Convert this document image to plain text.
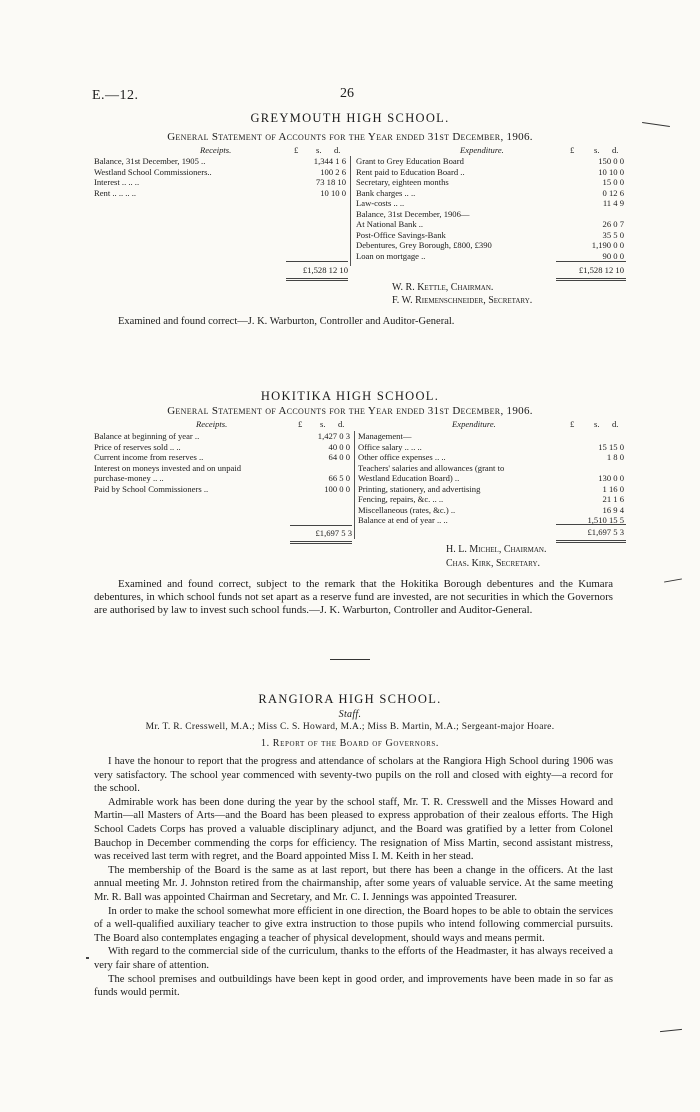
E.—12.	26
GREYMOUTH HIGH SCHOOL.
General Statement of Accounts for the Year ended 31st December, 1906.
Receipts.	£ s. d.	Expenditure.	£ s. d.
Balance, 31st December, 1905 ..	1,344 1 6
Westland School Commissioners..	100 2 6
Interest .. .. ..	73 18 10
Rent .. .. .. ..	10 10 0
Grant to Grey Education Board	150 0 0
Rent paid to Education Board ..	10 10 0
Secretary, eighteen months	15 0 0
Bank charges .. ..	0 12 6
Law-costs .. ..	11 4 9
Balance, 31st December, 1906—
At National Bank ..	26 0 7
Post-Office Savings-Bank	35 5 0
Debentures, Grey Borough, £800, £390	1,190 0 0
Loan on mortgage ..	90 0 0
£1,528 12 10	£1,528 12 10
W. R. Kettle, Chairman.
F. W. Riemenschneider, Secretary.
Examined and found correct—J. K. Warburton, Controller and Auditor-General.
HOKITIKA HIGH SCHOOL.
General Statement of Accounts for the Year ended 31st December, 1906.
Receipts.	£ s. d.	Expenditure.	£ s. d.
Balance at beginning of year ..	1,427 0 3
Price of reserves sold .. ..	40 0 0
Current income from reserves ..	64 0 0
Interest on moneys invested and on unpaid
purchase-money .. ..	66 5 0
Paid by School Commissioners ..	100 0 0
Management—
Office salary .. .. ..	15 15 0
Other office expenses .. ..	1 8 0
Teachers' salaries and allowances (grant to
Westland Education Board) ..	130 0 0
Printing, stationery, and advertising	1 16 0
Fencing, repairs, &c. .. ..	21 1 6
Miscellaneous (rates, &c.) ..	16 9 4
Balance at end of year .. ..	1,510 15 5
£1,697 5 3	£1,697 5 3
H. L. Michel, Chairman.
Chas. Kirk, Secretary.

Examined and found correct, subject to the remark that the Hokitika Borough debentures and the Kumara debentures, in which school funds not set apart as a reserve fund are invested, are not securities in which the Governors are authorised by law to invest such school funds.—J. K. Warburton, Controller and Auditor-General.

RANGIORA HIGH SCHOOL.
Staff.
Mr. T. R. Cresswell, M.A.; Miss C. S. Howard, M.A.; Miss B. Martin, M.A.; Sergeant-major Hoare.
1. Report of the Board of Governors.

I have the honour to report that the progress and attendance of scholars at the Rangiora High School during 1906 was very satisfactory. The school year commenced with seventy-two pupils on the roll and closed with eighty—a record for the school.

Admirable work has been done during the year by the school staff, Mr. T. R. Cresswell and the Misses Howard and Martin—all Masters of Arts—and the Board has been pleased to express approbation of their zealous efforts. The High School Cadets Corps has proved a valuable disciplinary adjunct, and the Board was gratified by a letter from Colonel Bauchop in December commending the corps for efficiency. The resignation of Miss Martin, second assistant mistress, was received last term with regret, and the Board appointed Miss I. M. Keith in her stead.

The membership of the Board is the same as at last report, but there has been a change in the officers. At the last annual meeting Mr. J. Johnston retired from the chairmanship, after some years of valuable service. At the same meeting Mr. R. Ball was appointed Chairman and Secretary, and Mr. C. I. Jennings was appointed Treasurer.

In order to make the school somewhat more efficient in one direction, the Board hopes to be able to obtain the services of a well-qualified auxiliary teacher to give extra instruction to those pupils who intend following commercial pursuits. The Board also contemplates engaging a teacher of physical development, should ways and means permit.

With regard to the commercial side of the curriculum, thanks to the efforts of the Headmaster, it has always received a very fair share of attention.

The school premises and outbuildings have been kept in good order, and improvements have been made in so far as funds would permit.
